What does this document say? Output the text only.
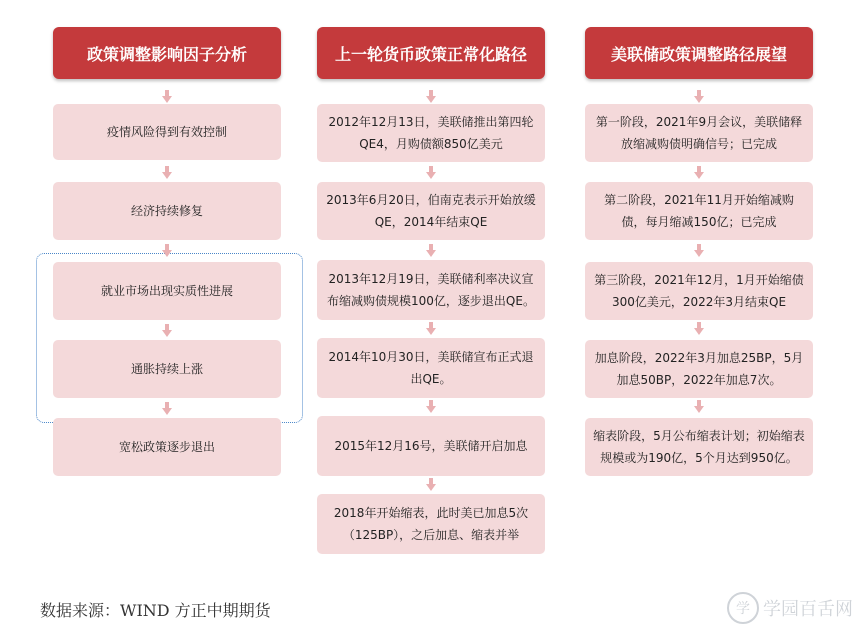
政策调整影响因子分析
疫情风险得到有效控制
经济持续修复
就业市场出现实质性进展
通胀持续上涨
宽松政策逐步退出
上一轮货币政策正常化路径
2012年12月13日，美联储推出第四轮QE4，月购债额850亿美元
2013年6月20日，伯南克表示开始放缓QE，2014年结束QE
2013年12月19日，美联储利率决议宣布缩减购债规模100亿，逐步退出QE。
2014年10月30日，美联储宣布正式退出QE。
2015年12月16号，美联储开启加息
2018年开始缩表，此时美已加息5次（125BP），之后加息、缩表并举
美联储政策调整路径展望
第一阶段，2021年9月会议，美联储释放缩减购债明确信号；已完成
第二阶段，2021年11月开始缩减购债，每月缩减150亿；已完成
第三阶段，2021年12月，1月开始缩债300亿美元，2022年3月结束QE
加息阶段，2022年3月加息25BP，5月加息50BP，2022年加息7次。
缩表阶段，5月公布缩表计划；初始缩表规模或为190亿，5个月达到950亿。
数据来源：WIND 方正中期期货	学 学园百舌网
